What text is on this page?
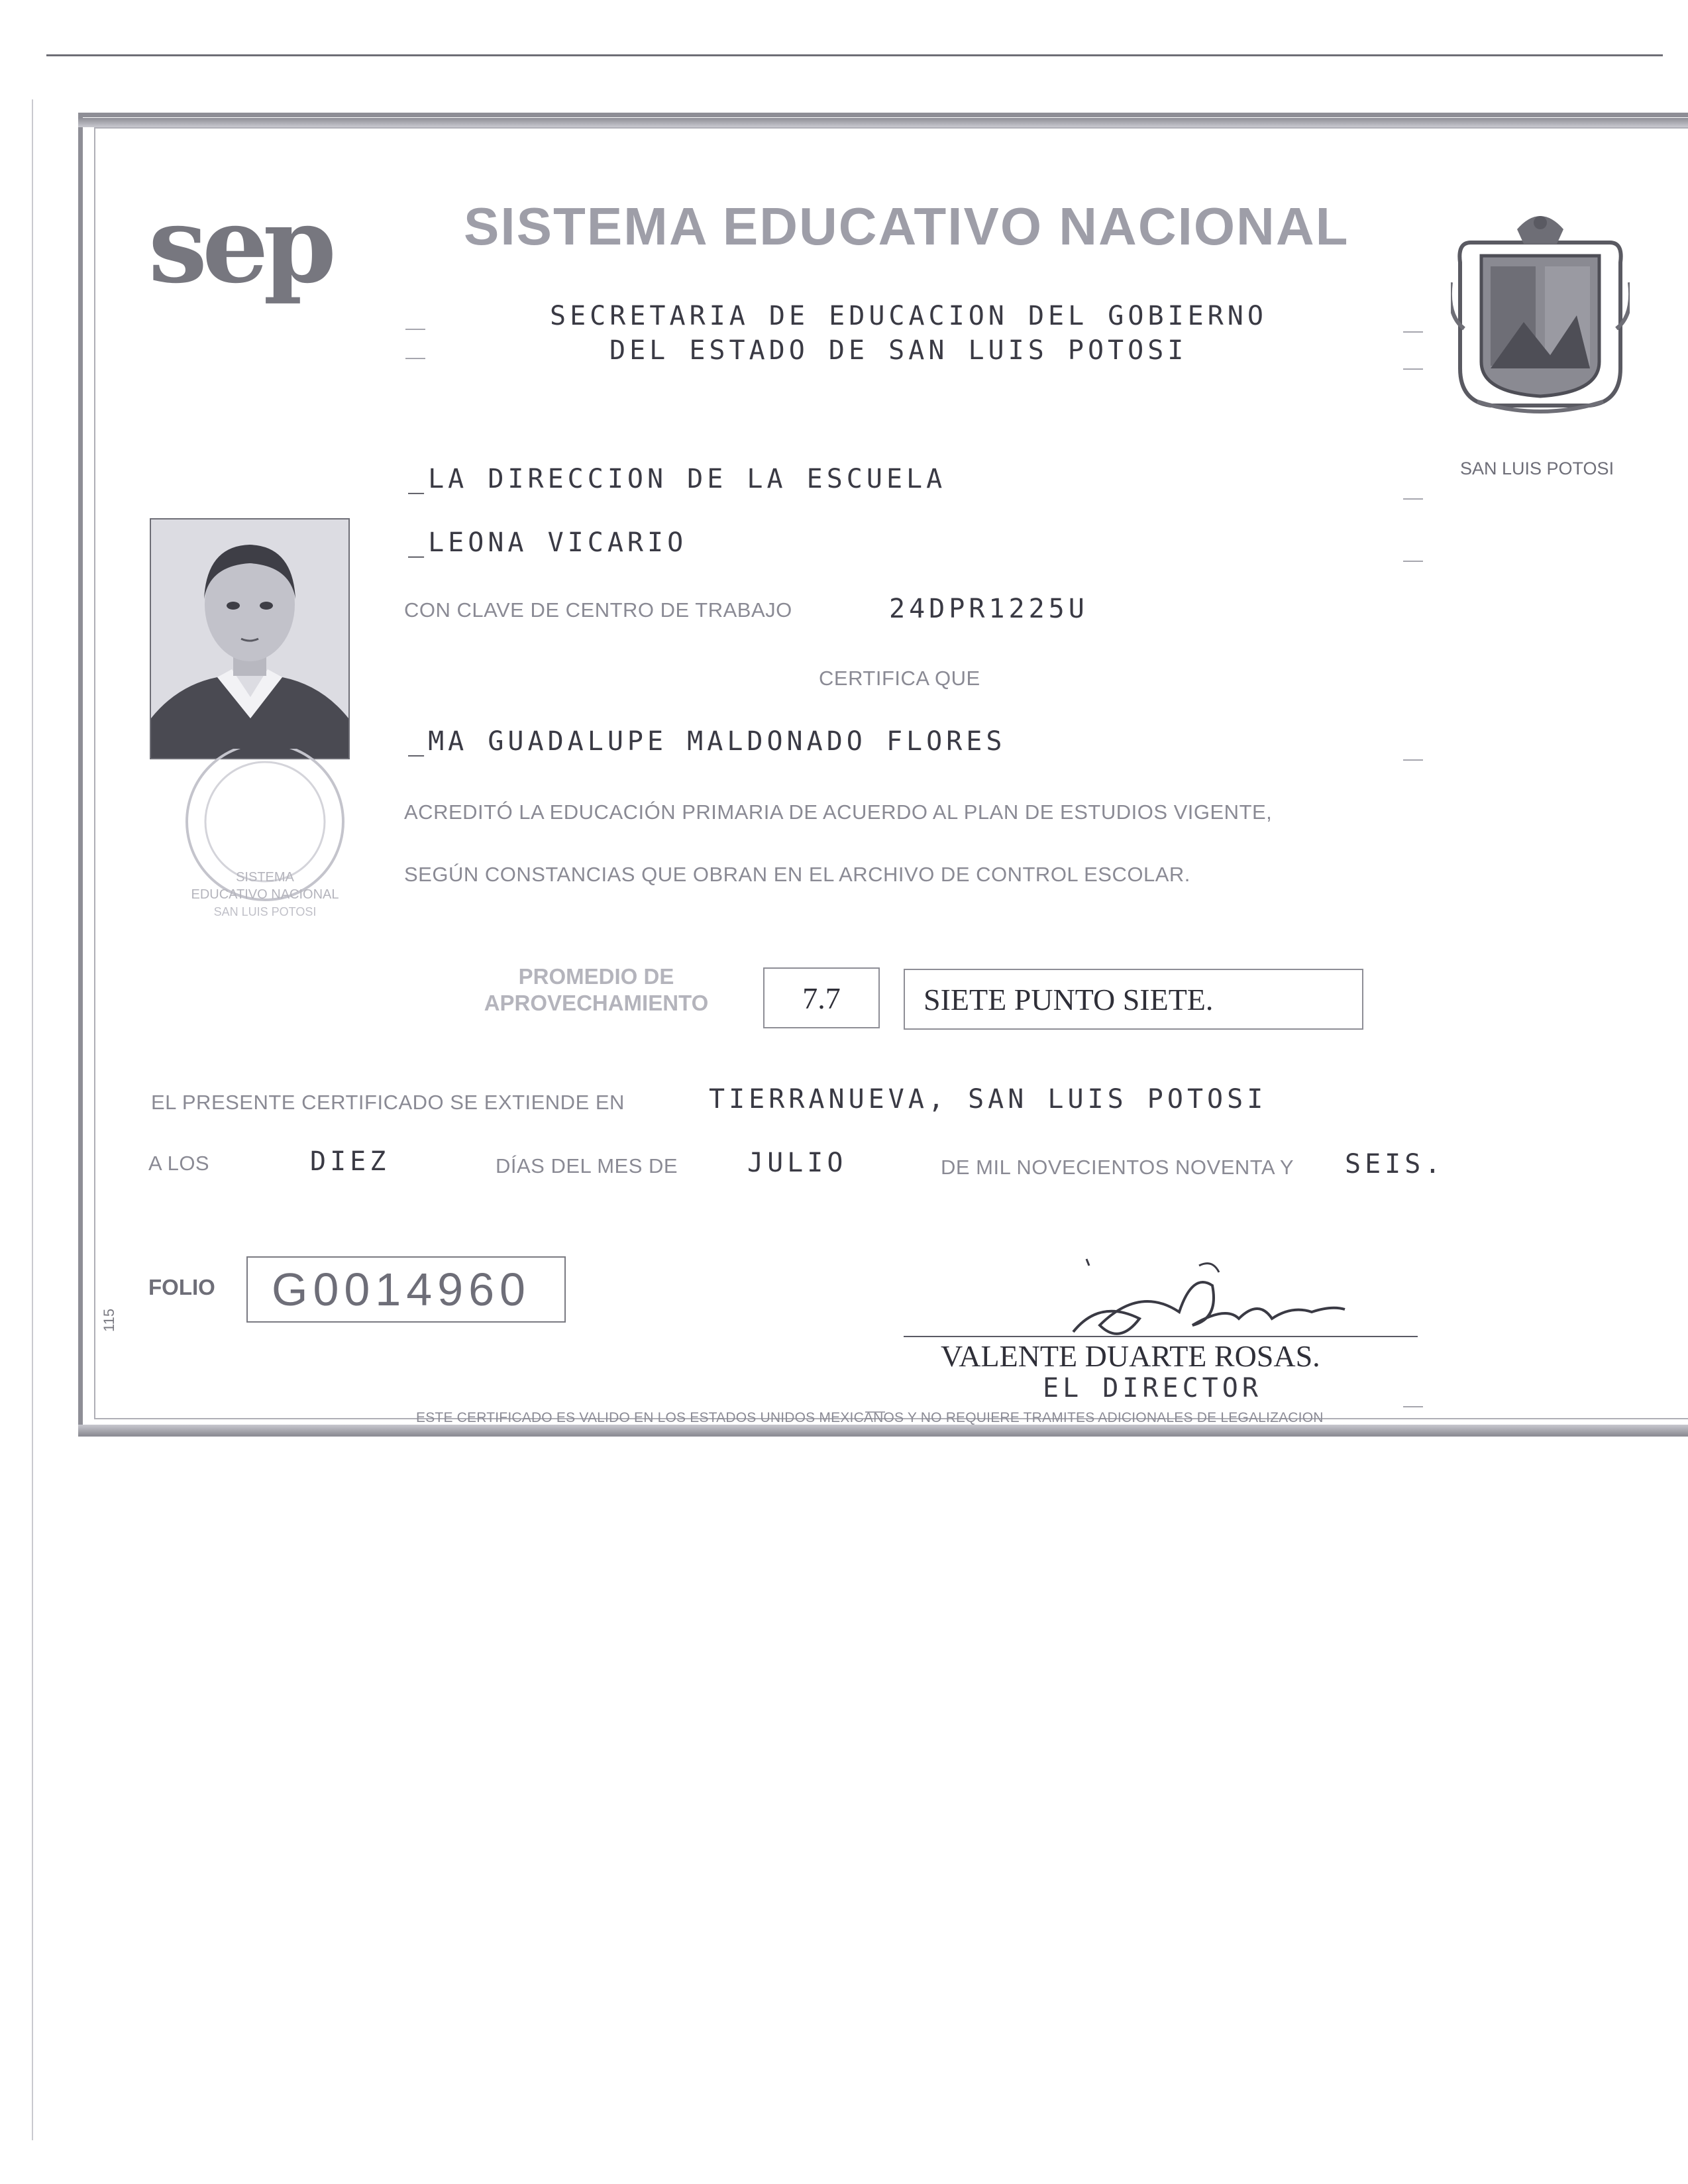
115
sep	SISTEMA EDUCATIVO NACIONAL
SECRETARIA DE EDUCACION DEL GOBIERNO
DEL ESTADO DE SAN LUIS POTOSI
SAN LUIS POTOSI
SISTEMA
EDUCATIVO NACIONAL
SAN LUIS POTOSI
_LA DIRECCION DE LA ESCUELA
_LEONA VICARIO
CON CLAVE DE CENTRO DE TRABAJO	24DPR1225U
CERTIFICA QUE
_MA GUADALUPE MALDONADO FLORES
ACREDITÓ LA EDUCACIÓN PRIMARIA DE ACUERDO AL PLAN DE ESTUDIOS VIGENTE,
SEGÚN CONSTANCIAS QUE OBRAN EN EL ARCHIVO DE CONTROL ESCOLAR.
PROMEDIO DE
APROVECHAMIENTO	7.7	SIETE PUNTO SIETE.
EL PRESENTE CERTIFICADO SE EXTIENDE EN	TIERRANUEVA, SAN LUIS POTOSI
A LOS	DIEZ	DÍAS DEL MES DE	JULIO	DE MIL NOVECIENTOS NOVENTA Y SEIS.
FOLIO G0014960
VALENTE DUARTE ROSAS.
EL DIRECTOR
ESTE CERTIFICADO ES VALIDO EN LOS ESTADOS UNIDOS MEXICANOS Y NO REQUIERE TRAMITES ADICIONALES DE LEGALIZACION
